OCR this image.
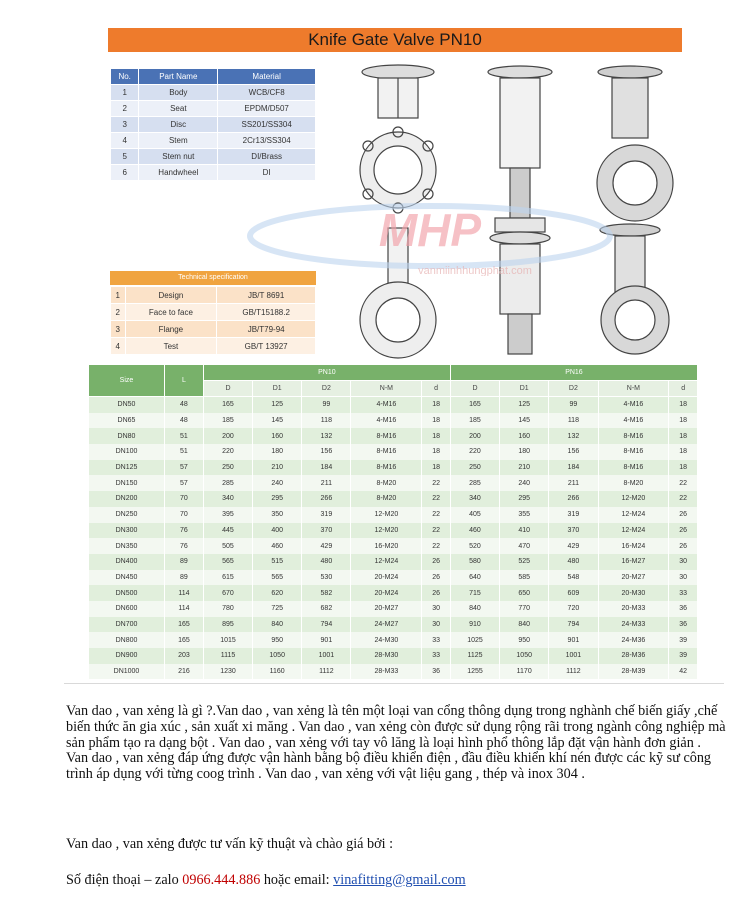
Knife Gate Valve PN10
No.	Part Name	Material
1	Body	WCB/CF8
2	Seat	EPDM/D507
3	Disc	SS201/SS304
4	Stem	2Cr13/SS304
5	Stem nut	DI/Brass
6	Handwheel	DI
Technical specification
1	Design	JB/T 8691
2	Face to face	GB/T15188.2
3	Flange	JB/T79-94
4	Test	GB/T 13927
MHP
vanmiinhhungphat.com
Size	L	PN10					PN16				
		D	D1	D2	N-M	d	D	D1	D2	N-M	d
DN50	48	165	125	99	4-M16	18	165	125	99	4-M16	18
DN65	48	185	145	118	4-M16	18	185	145	118	4-M16	18
DN80	51	200	160	132	8-M16	18	200	160	132	8-M16	18
DN100	51	220	180	156	8-M16	18	220	180	156	8-M16	18
DN125	57	250	210	184	8-M16	18	250	210	184	8-M16	18
DN150	57	285	240	211	8-M20	22	285	240	211	8-M20	22
DN200	70	340	295	266	8-M20	22	340	295	266	12-M20	22
DN250	70	395	350	319	12-M20	22	405	355	319	12-M24	26
DN300	76	445	400	370	12-M20	22	460	410	370	12-M24	26
DN350	76	505	460	429	16-M20	22	520	470	429	16-M24	26
DN400	89	565	515	480	12-M24	26	580	525	480	16-M27	30
DN450	89	615	565	530	20-M24	26	640	585	548	20-M27	30
DN500	114	670	620	582	20-M24	26	715	650	609	20-M30	33
DN600	114	780	725	682	20-M27	30	840	770	720	20-M33	36
DN700	165	895	840	794	24-M27	30	910	840	794	24-M33	36
DN800	165	1015	950	901	24-M30	33	1025	950	901	24-M36	39
DN900	203	1115	1050	1001	28-M30	33	1125	1050	1001	28-M36	39
DN1000	216	1230	1160	1112	28-M33	36	1255	1170	1112	28-M39	42
Van dao , van xẻng là gì ?.Van dao , van xẻng là tên một loại van cổng thông dụng trong nghành chế biến giấy ,chế biến thức ăn gia xúc , sản xuất xi măng . Van dao , van xẻng còn được sử dụng rộng rãi trong ngành công nghiệp mà sản phẩm tạo ra dạng bột . Van dao , van xẻng với tay vô lăng là loại hình phổ thông lắp đặt vận hành đơn giản . Van dao , van xẻng đáp ứng được vận hành bằng bộ điều khiển điện , đầu điều khiển khí nén được các kỹ sư công trình áp dụng với từng coog trình . Van dao , van xẻng với vật liệu gang , thép và inox 304 .
Van dao , van xẻng được tư vấn kỹ thuật và chào giá bởi :
Số điện thoại – zalo 0966.444.886 hoặc email: vinafitting@gmail.com
